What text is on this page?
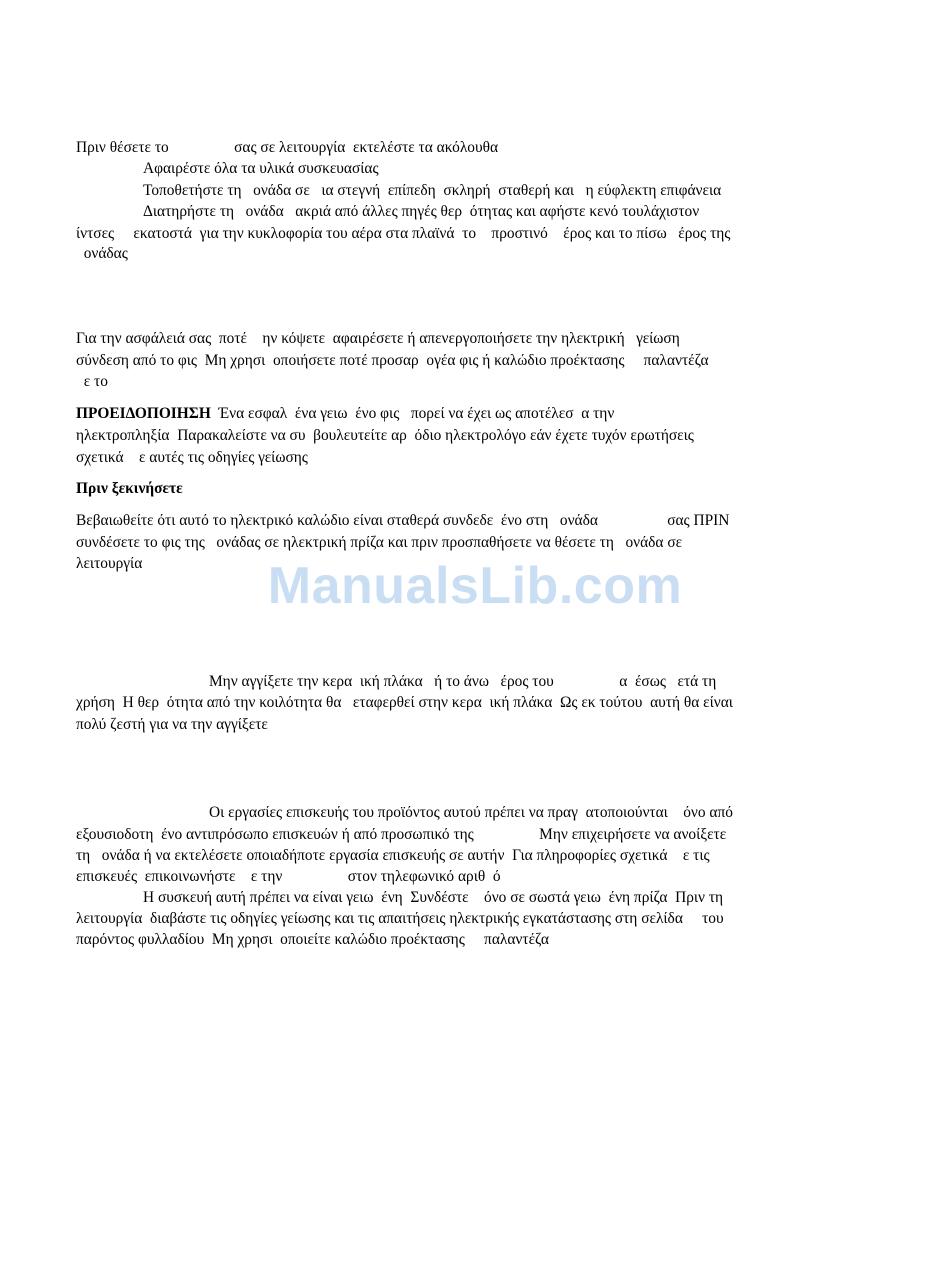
Πριν θέσετε το                 σας σε λειτουργία  εκτελέστε τα ακόλουθα
Αφαιρέστε όλα τα υλικά συσκευασίας
Τοποθετήστε τη   ονάδα σε   ια στεγνή  επίπεδη  σκληρή  σταθερή και   η εύφλεκτη επιφάνεια
Διατηρήστε τη   ονάδα   ακριά από άλλες πηγές θερ  ότητας και αφήστε κενό τουλάχιστον
ίντσες     εκατοστά  για την κυκλοφορία του αέρα στα πλαϊνά  το    προστινό    έρος και το πίσω   έρος της
ονάδας
Για την ασφάλειά σας  ποτέ    ην κόψετε  αφαιρέσετε ή απενεργοποιήσετε την ηλεκτρική   γείωση
σύνδεση από το φις  Μη χρησι  οποιήσετε ποτέ προσαρ  ογέα φις ή καλώδιο προέκτασης     παλαντέζα
ε το
ΠΡΟΕΙΔΟΠΟΙΗΣΗ  Ένα εσφαλ  ένα γειω  ένο φις   πορεί να έχει ως αποτέλεσ  α την
ηλεκτροπληξία  Παρακαλείστε να συ  βουλευτείτε αρ  όδιο ηλεκτρολόγο εάν έχετε τυχόν ερωτήσεις
σχετικά    ε αυτές τις οδηγίες γείωσης
Πριν ξεκινήσετε
Βεβαιωθείτε ότι αυτό το ηλεκτρικό καλώδιο είναι σταθερά συνδεδε  ένο στη   ονάδα                  σας ΠΡΙΝ
συνδέσετε το φις της   ονάδας σε ηλεκτρική πρίζα και πριν προσπαθήσετε να θέσετε τη   ονάδα σε
λειτουργία	ManualsLib.com
Μην αγγίξετε την κερα  ική πλάκα   ή το άνω   έρος του                 α  έσως   ετά τη
χρήση  Η θερ  ότητα από την κοιλότητα θα   εταφερθεί στην κερα  ική πλάκα  Ως εκ τούτου  αυτή θα είναι
πολύ ζεστή για να την αγγίξετε
Οι εργασίες επισκευής του προϊόντος αυτού πρέπει να πραγ  ατοποιούνται    όνο από
εξουσιοδοτη  ένο αντιπρόσωπο επισκευών ή από προσωπικό της                 Μην επιχειρήσετε να ανοίξετε
τη   ονάδα ή να εκτελέσετε οποιαδήποτε εργασία επισκευής σε αυτήν  Για πληροφορίες σχετικά    ε τις
επισκευές  επικοινωνήστε    ε την                 στον τηλεφωνικό αριθ  ό
Η συσκευή αυτή πρέπει να είναι γειω  ένη  Συνδέστε    όνο σε σωστά γειω  ένη πρίζα  Πριν τη
λειτουργία  διαβάστε τις οδηγίες γείωσης και τις απαιτήσεις ηλεκτρικής εγκατάστασης στη σελίδα     του
παρόντος φυλλαδίου  Μη χρησι  οποιείτε καλώδιο προέκτασης     παλαντέζα
